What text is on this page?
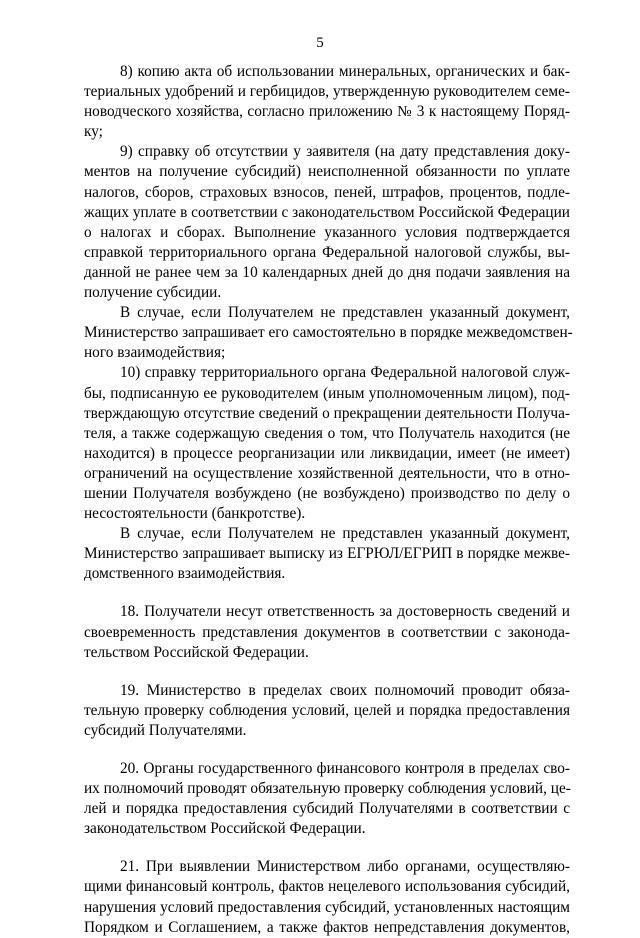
5
8) копию акта об использовании минеральных, органических и бак-
териальных удобрений и гербицидов, утвержденную руководителем семе-
новодческого хозяйства, согласно приложению № 3 к настоящему Поряд-
ку;
9) справку об отсутствии у заявителя (на дату представления доку-
ментов на получение субсидий) неисполненной обязанности по уплате
налогов, сборов, страховых взносов, пеней, штрафов, процентов, подле-
жащих уплате в соответствии с законодательством Российской Федерации
о налогах и сборах. Выполнение указанного условия подтверждается
справкой территориального органа Федеральной налоговой службы, вы-
данной не ранее чем за 10 календарных дней до дня подачи заявления на
получение субсидии.
В случае, если Получателем не представлен указанный документ,
Министерство запрашивает его самостоятельно в порядке межведомствен-
ного взаимодействия;
10) справку территориального органа Федеральной налоговой служ-
бы, подписанную ее руководителем (иным уполномоченным лицом), под-
тверждающую отсутствие сведений о прекращении деятельности Получа-
теля, а также содержащую сведения о том, что Получатель находится (не
находится) в процессе реорганизации или ликвидации, имеет (не имеет)
ограничений на осуществление хозяйственной деятельности, что в отно-
шении Получателя возбуждено (не возбуждено) производство по делу о
несостоятельности (банкротстве).
В случае, если Получателем не представлен указанный документ,
Министерство запрашивает выписку из ЕГРЮЛ/ЕГРИП в порядке межве-
домственного взаимодействия.
18. Получатели несут ответственность за достоверность сведений и
своевременность представления документов в соответствии с законода-
тельством Российской Федерации.
19. Министерство в пределах своих полномочий проводит обяза-
тельную проверку соблюдения условий, целей и порядка предоставления
субсидий Получателями.
20. Органы государственного финансового контроля в пределах сво-
их полномочий проводят обязательную проверку соблюдения условий, це-
лей и порядка предоставления субсидий Получателями в соответствии с
законодательством Российской Федерации.
21. При выявлении Министерством либо органами, осуществляю-
щими финансовый контроль, фактов нецелевого использования субсидий,
нарушения условий предоставления субсидий, установленных настоящим
Порядком и Соглашением, а также фактов непредставления документов,
